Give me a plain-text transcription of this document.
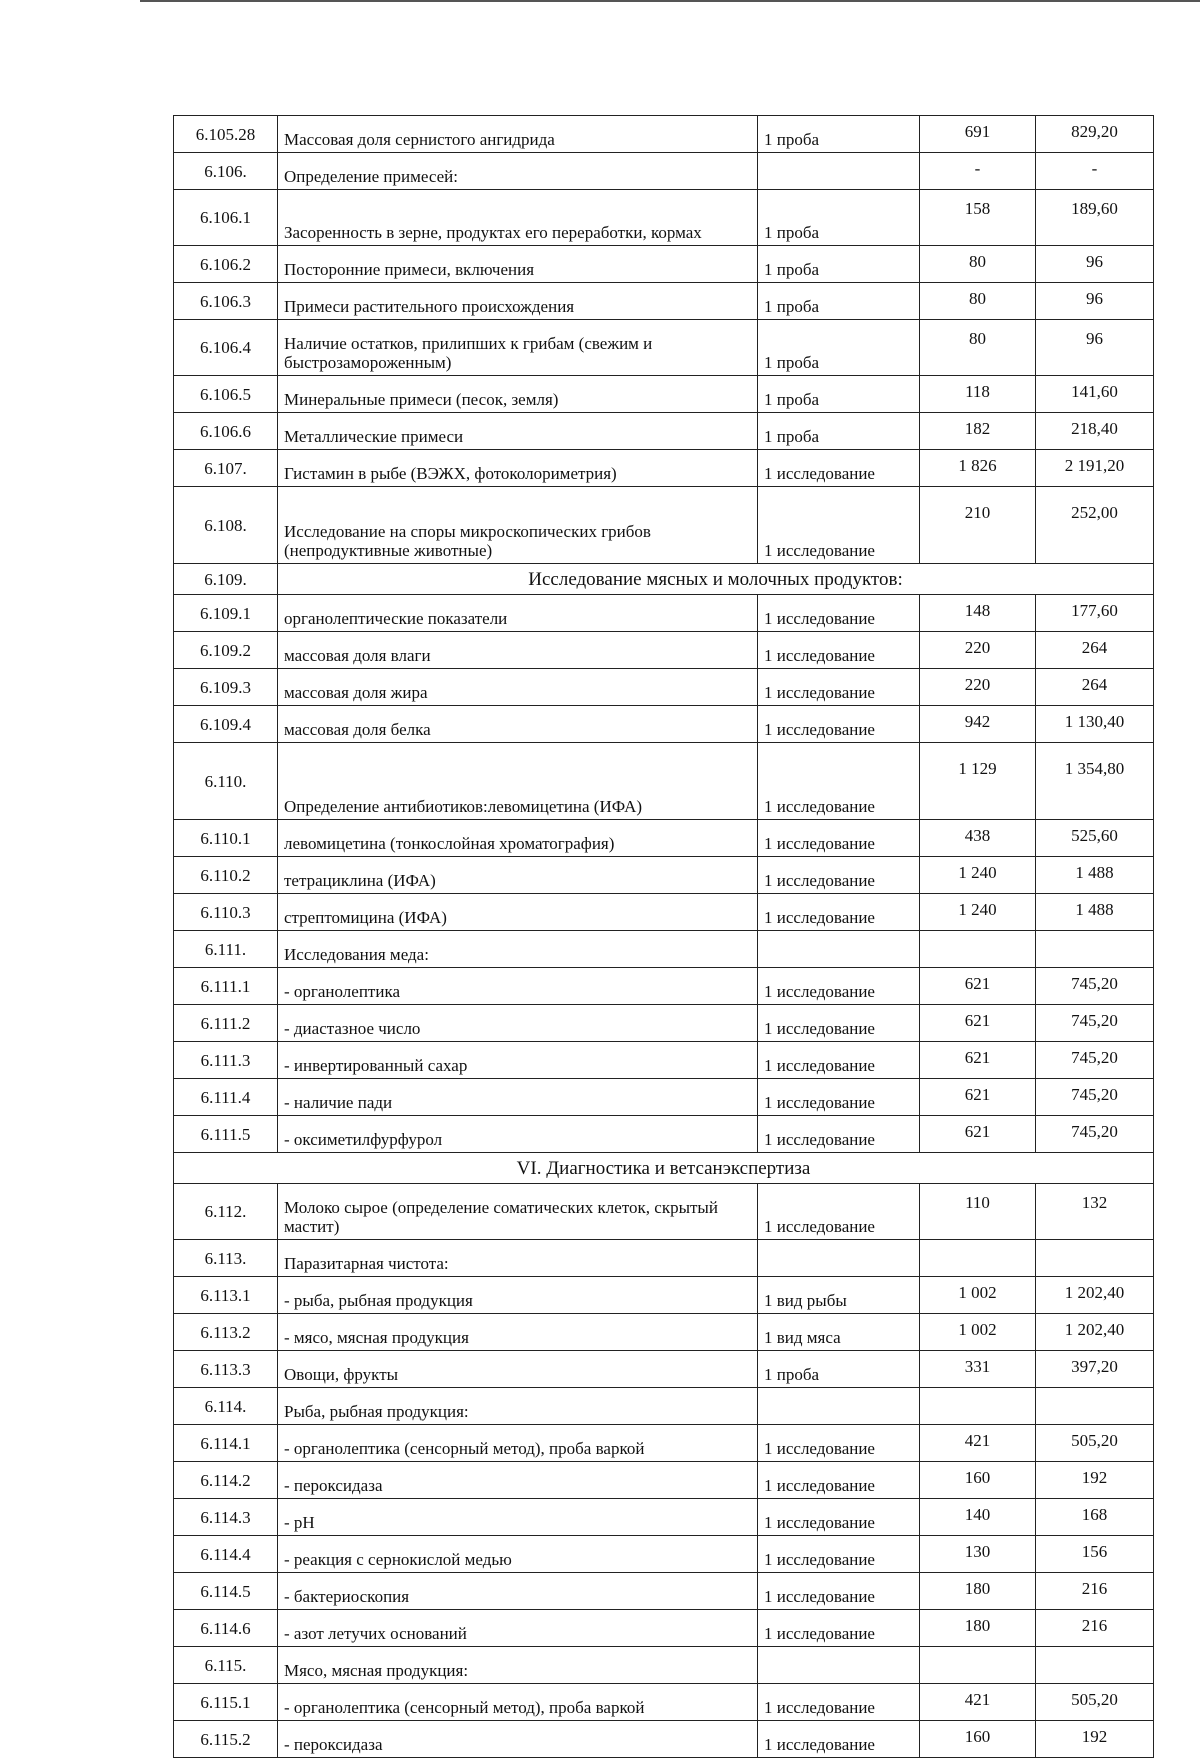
6.105.28	Массовая доля сернистого ангидрида	1 проба	691	829,20
6.106.	Определение примесей:		-	-
6.106.1	Засоренность в зерне, продуктах его переработки, кормах	1 проба	158	189,60
6.106.2	Посторонние примеси, включения	1 проба	80	96
6.106.3	Примеси растительного происхождения	1 проба	80	96
6.106.4	Наличие остатков, прилипших к грибам (свежим и быстрозамороженным)	1 проба	80	96
6.106.5	Минеральные примеси (песок, земля)	1 проба	118	141,60
6.106.6	Металлические примеси	1 проба	182	218,40
6.107.	Гистамин в рыбе (ВЭЖХ, фотоколориметрия)	1 исследование	1 826	2 191,20
6.108.	Исследование на споры микроскопических грибов (непродуктивные животные)	1 исследование	210	252,00
6.109.	Исследование мясных и молочных продуктов:			
6.109.1	органолептические показатели	1 исследование	148	177,60
6.109.2	массовая доля влаги	1 исследование	220	264
6.109.3	массовая доля жира	1 исследование	220	264
6.109.4	массовая доля белка	1 исследование	942	1 130,40
6.110.	Определение антибиотиков:левомицетина (ИФА)	1 исследование	1 129	1 354,80
6.110.1	левомицетина (тонкослойная хроматография)	1 исследование	438	525,60
6.110.2	тетрациклина (ИФА)	1 исследование	1 240	1 488
6.110.3	стрептомицина (ИФА)	1 исследование	1 240	1 488
6.111.	Исследования меда:			
6.111.1	- органолептика	1 исследование	621	745,20
6.111.2	- диастазное число	1 исследование	621	745,20
6.111.3	- инвертированный сахар	1 исследование	621	745,20
6.111.4	- наличие пади	1 исследование	621	745,20
6.111.5	- оксиметилфурфурол	1 исследование	621	745,20
VI. Диагностика и ветсанэкспертиза				
6.112.	Молоко сырое (определение соматических клеток, скрытый мастит)	1 исследование	110	132
6.113.	Паразитарная чистота:			
6.113.1	- рыба, рыбная продукция	1 вид рыбы	1 002	1 202,40
6.113.2	- мясо, мясная продукция	1 вид мяса	1 002	1 202,40
6.113.3	Овощи, фрукты	1 проба	331	397,20
6.114.	Рыба, рыбная продукция:			
6.114.1	- органолептика (сенсорный метод), проба варкой	1 исследование	421	505,20
6.114.2	- пероксидаза	1 исследование	160	192
6.114.3	- pH	1 исследование	140	168
6.114.4	- реакция с сернокислой медью	1 исследование	130	156
6.114.5	- бактериоскопия	1 исследование	180	216
6.114.6	- азот летучих оснований	1 исследование	180	216
6.115.	Мясо, мясная продукция:			
6.115.1	- органолептика (сенсорный метод), проба варкой	1 исследование	421	505,20
6.115.2	- пероксидаза	1 исследование	160	192
